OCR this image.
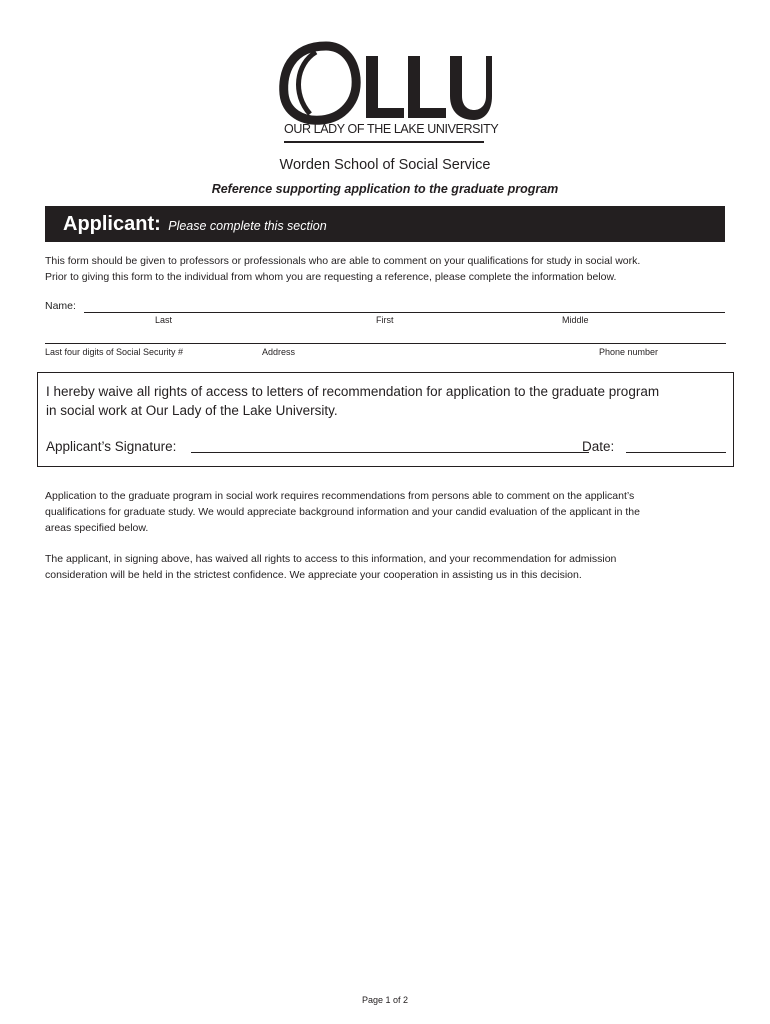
OLLU
OUR LADY OF THE LAKE UNIVERSITY
Worden School of Social Service
Reference supporting application to the graduate program
Applicant: Please complete this section
This form should be given to professors or professionals who are able to comment on your qualifications for study in social work.
Prior to giving this form to the individual from whom you are requesting a reference, please complete the information below.
Name:
Last	First	Middle
Last four digits of Social Security #	Address	Phone number
I hereby waive all rights of access to letters of recommendation for application to the graduate program
in social work at Our Lady of the Lake University.
Applicant’s Signature:	Date:
Application to the graduate program in social work requires recommendations from persons able to comment on the applicant’s
qualifications for graduate study. We would appreciate background information and your candid evaluation of the applicant in the
areas specified below.
The applicant, in signing above, has waived all rights to access to this information, and your recommendation for admission
consideration will be held in the strictest confidence. We appreciate your cooperation in assisting us in this decision.
Page 1 of 2
